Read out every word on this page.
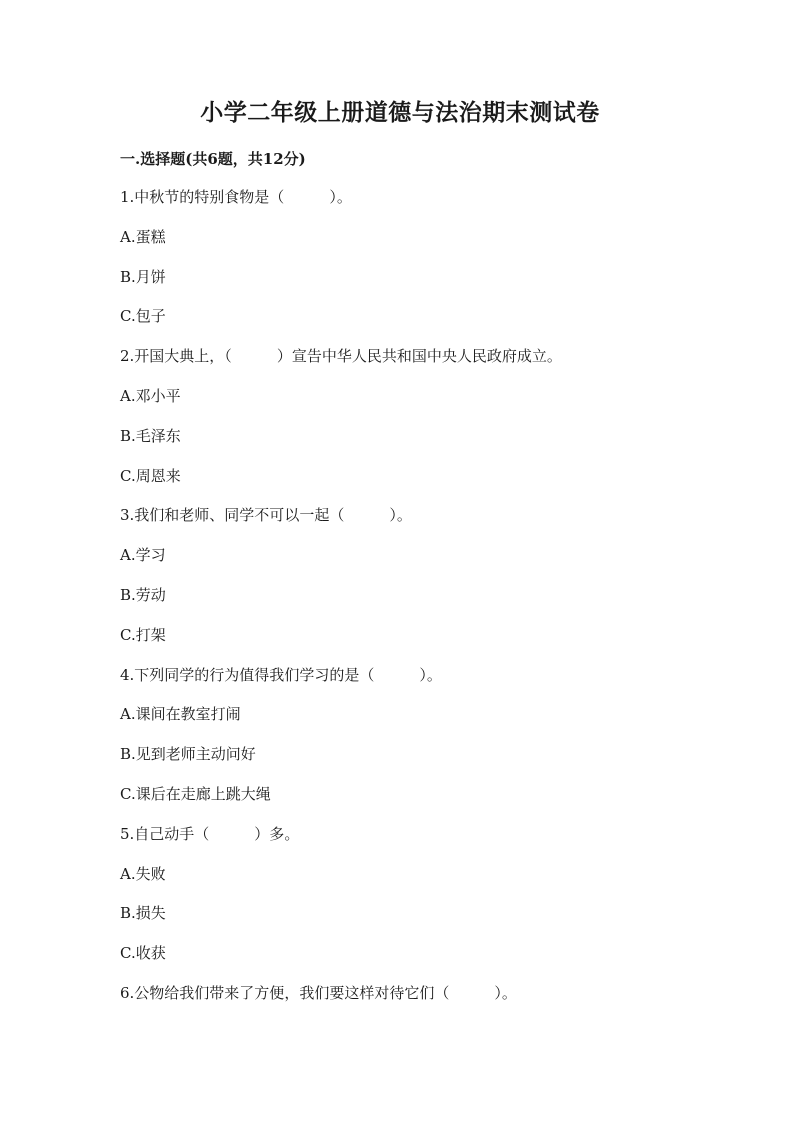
小学二年级上册道德与法治期末测试卷
一.选择题(共6题，共12分)
1.中秋节的特别食物是（　　　）。
A.蛋糕
B.月饼
C.包子
2.开国大典上，（　　　）宣告中华人民共和国中央人民政府成立。
A.邓小平
B.毛泽东
C.周恩来
3.我们和老师、同学不可以一起（　　　）。
A.学习
B.劳动
C.打架
4.下列同学的行为值得我们学习的是（　　　）。
A.课间在教室打闹
B.见到老师主动问好
C.课后在走廊上跳大绳
5.自己动手（　　　）多。
A.失败
B.损失
C.收获
6.公物给我们带来了方便，我们要这样对待它们（　　　）。
